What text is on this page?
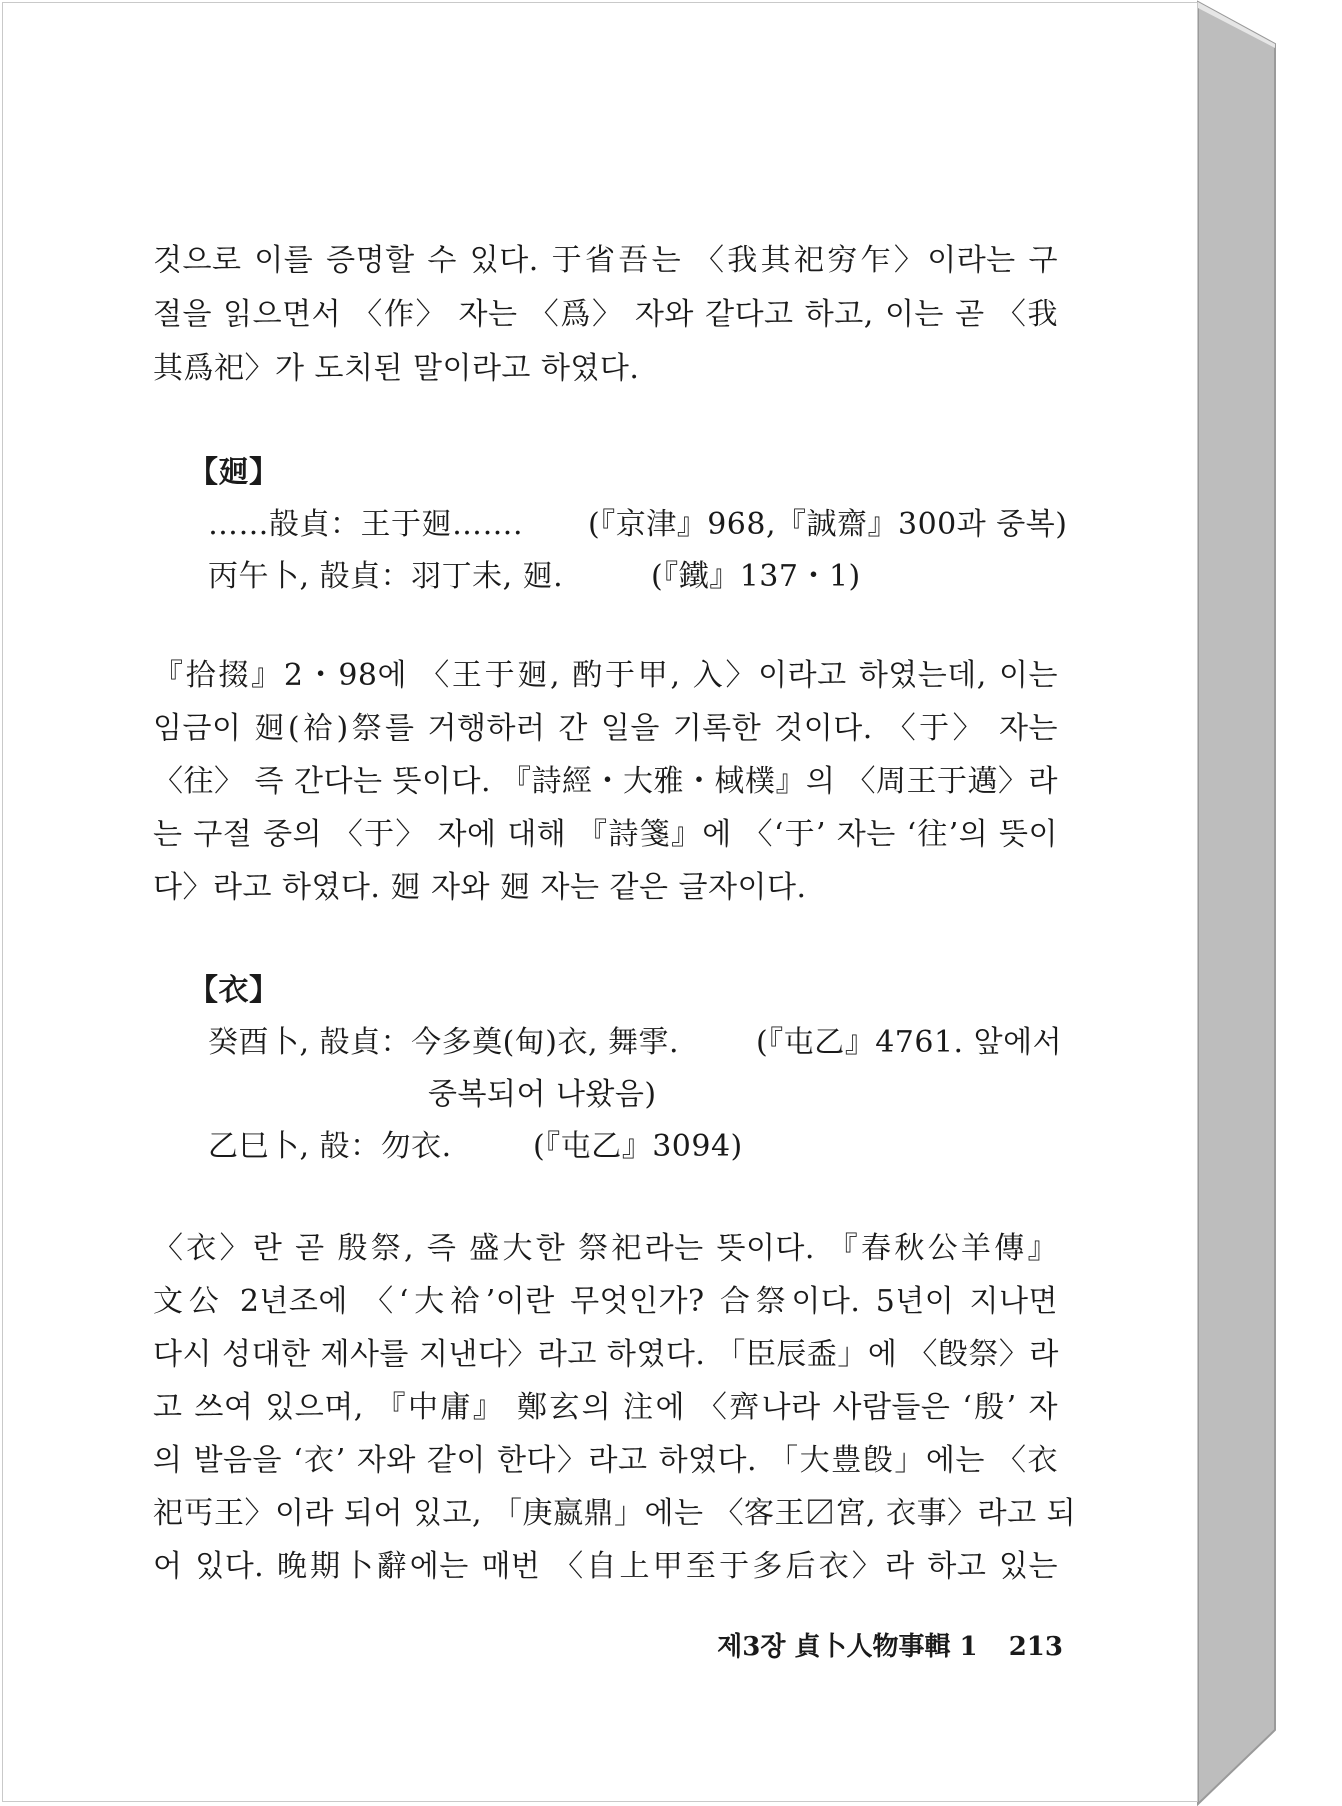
것으로 이를 증명할 수 있다. 于省吾는 〈我其祀穷乍〉이라는 구
절을 읽으면서 〈作〉 자는 〈爲〉 자와 같다고 하고, 이는 곧 〈我
其爲祀〉가 도치된 말이라고 하였다.
【㢠】
……㱿貞：王于㢠……. (『京津』968,『誠齋』300과 중복)
丙午卜, 㱿貞：羽丁未, 㢠.	(『鐵』137・1)
『拾掇』2・98에 〈王于㢠, 酌于甲, 入〉이라고 하였는데, 이는
임금이 㢠(祫)祭를 거행하러 간 일을 기록한 것이다. 〈于〉 자는
〈往〉 즉 간다는 뜻이다. 『詩經・大雅・棫樸』의 〈周王于邁〉라
는 구절 중의 〈于〉 자에 대해 『詩箋』에 〈‘于’ 자는 ‘往’의 뜻이
다〉라고 하였다. 㢠 자와 㢠 자는 같은 글자이다.
【衣】
癸酉卜, 㱿貞：今多奠(甸)衣, 舞𩁹.	(『屯乙』4761. 앞에서
중복되어 나왔음)
乙巳卜, 㱿：勿衣.	(『屯乙』3094)
〈衣〉란 곧 殷祭, 즉 盛大한 祭祀라는 뜻이다. 『春秋公羊傳』
文公 2년조에 〈‘大祫’이란 무엇인가? 合祭이다. 5년이 지나면
다시 성대한 제사를 지낸다〉라고 하였다. 「臣辰盉」에 〈𣪘祭〉라
고 쓰여 있으며, 『中庸』 鄭玄의 注에 〈齊나라 사람들은 ‘殷’ 자
의 발음을 ‘衣’ 자와 같이 한다〉라고 하였다. 「大豊𣪘」에는 〈衣
祀丐王〉이라 되어 있고, 「庚嬴鼎」에는 〈客王〼宮, 衣事〉라고 되
어 있다. 晚期卜辭에는 매번 〈自上甲至于多后衣〉라 하고 있는
제3장 貞卜人物事輯 1 213
